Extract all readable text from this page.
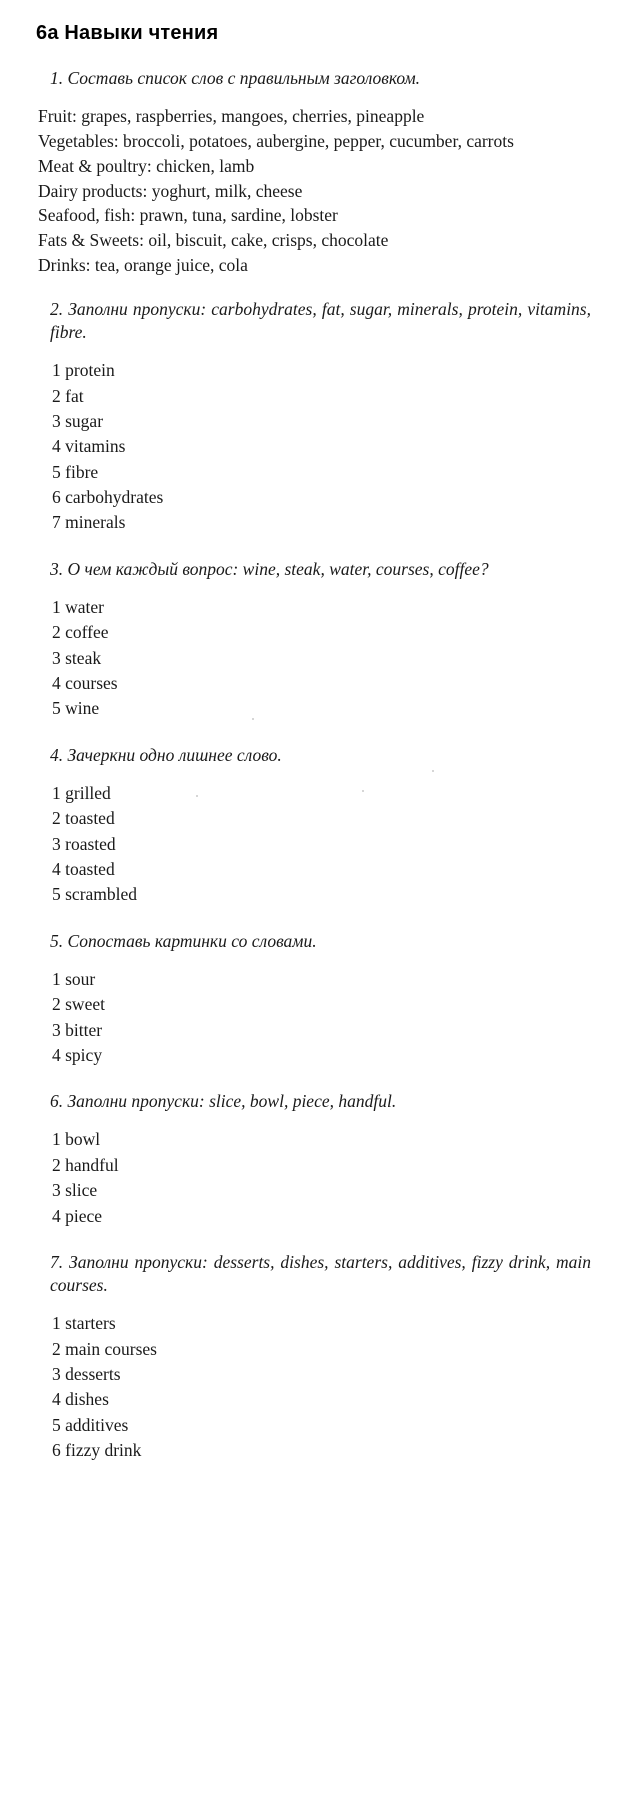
6a Навыки чтения

1. Составь список слов с правильным заголовком.

Fruit: grapes, raspberries, mangoes, cherries, pineapple
Vegetables: broccoli, potatoes, aubergine, pepper, cucumber, carrots
Meat & poultry: chicken, lamb
Dairy products: yoghurt, milk, cheese
Seafood, fish: prawn, tuna, sardine, lobster
Fats & Sweets: oil, biscuit, cake, crisps, chocolate
Drinks: tea, orange juice, cola

2. Заполни пропуски: carbohydrates, fat, sugar, minerals, protein, vitamins, fibre.

1 protein
2 fat
3 sugar
4 vitamins
5 fibre
6 carbohydrates
7 minerals

3. О чем каждый вопрос: wine, steak, water, courses, coffee?

1 water
2 coffee
3 steak
4 courses
5 wine

4. Зачеркни одно лишнее слово.

1 grilled
2 toasted
3 roasted
4 toasted
5 scrambled

5. Сопоставь картинки со словами.

1 sour
2 sweet
3 bitter
4 spicy

6. Заполни пропуски: slice, bowl, piece, handful.

1 bowl
2 handful
3 slice
4 piece

7. Заполни пропуски: desserts, dishes, starters, additives, fizzy drink, main courses.

1 starters
2 main courses
3 desserts
4 dishes
5 additives
6 fizzy drink
